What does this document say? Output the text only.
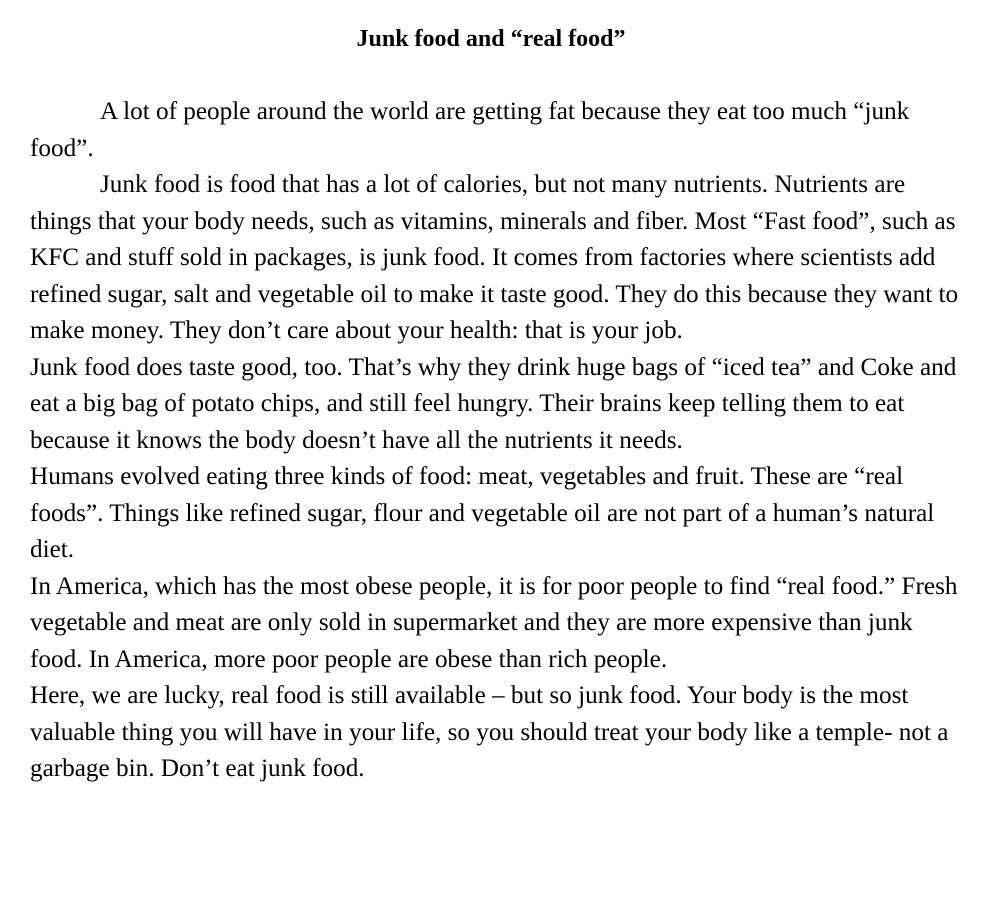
Junk food and “real food”

A lot of people around the world are getting fat because they eat too much “junk food”.

Junk food is food that has a lot of calories, but not many nutrients. Nutrients are things that your body needs, such as vitamins, minerals and fiber. Most “Fast food”, such as KFC and stuff sold in packages, is junk food. It comes from factories where scientists add refined sugar, salt and vegetable oil to make it taste good. They do this because they want to make money. They don’t care about your health: that is your job.

Junk food does taste good, too. That’s why they drink huge bags of “iced tea” and Coke and eat a big bag of potato chips, and still feel hungry. Their brains keep telling them to eat because it knows the body doesn’t have all the nutrients it needs.

Humans evolved eating three kinds of food: meat, vegetables and fruit. These are “real foods”. Things like refined sugar, flour and vegetable oil are not part of a human’s natural diet.

In America, which has the most obese people, it is for poor people to find “real food.” Fresh vegetable and meat are only sold in supermarket and they are more expensive than junk food. In America, more poor people are obese than rich people.

Here, we are lucky, real food is still available – but so junk food. Your body is the most valuable thing you will have in your life, so you should treat your body like a temple- not a garbage bin. Don’t eat junk food.
